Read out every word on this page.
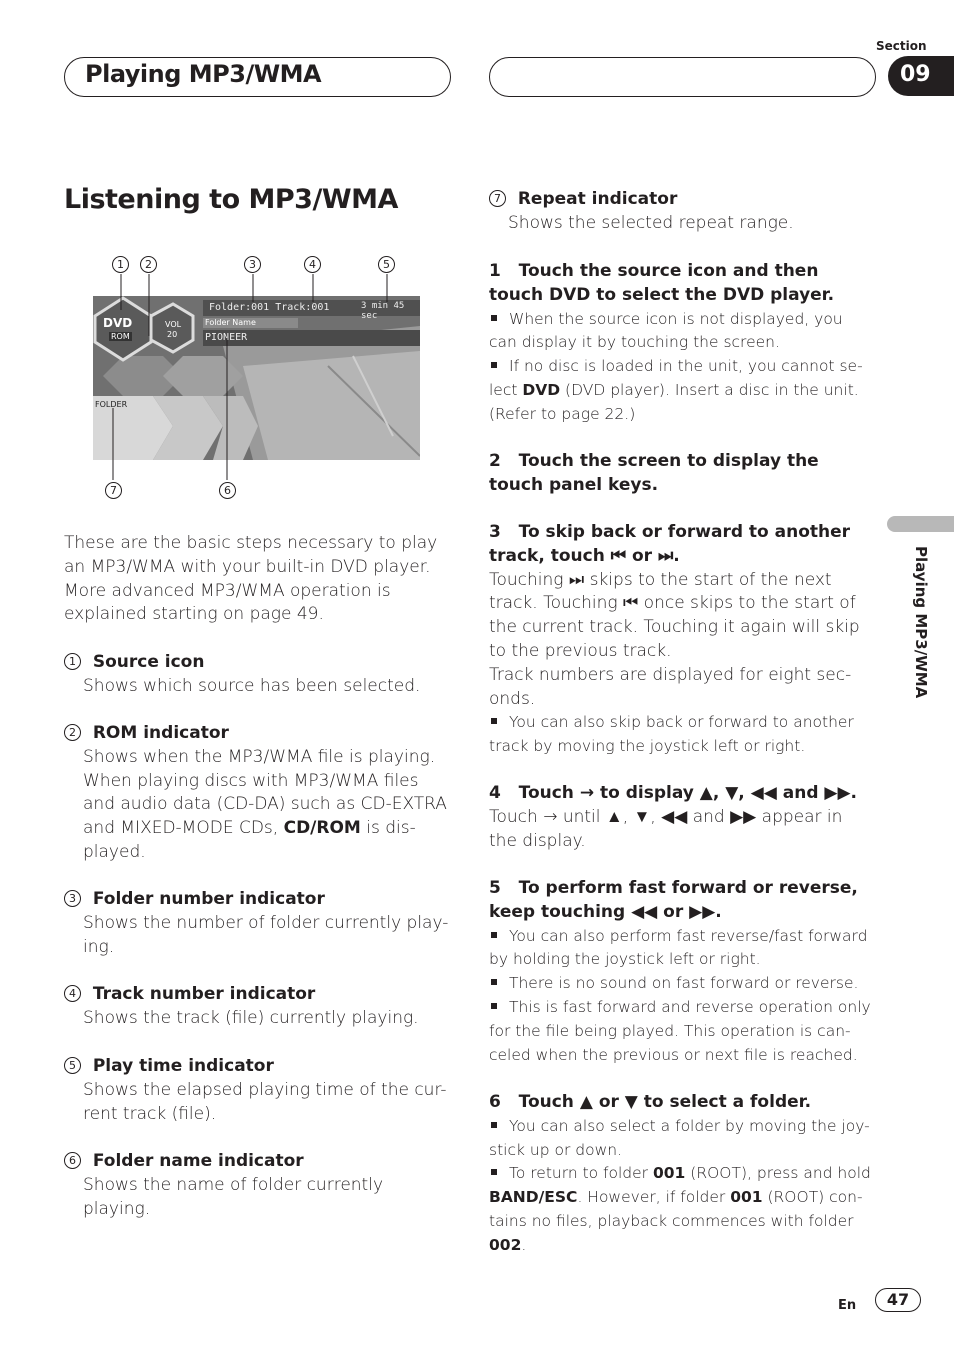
Playing MP3/WMA
Section
09
Listening to MP3/WMA
1	2	3	4	5
Folder:001 Track:001	3 min 45 sec
Folder Name
PIONEER
DVD
ROM
VOL
20
FOLDER
7	6
These are the basic steps necessary to play an MP3/WMA with your built-in DVD player. More advanced MP3/WMA operation is explained starting on page 49.
1 Source icon
Shows which source has been selected.
2 ROM indicator
Shows when the MP3/WMA file is playing. When playing discs with MP3/WMA files and audio data (CD-DA) such as CD-EXTRA and MIXED-MODE CDs, CD/ROM is dis-played.
3 Folder number indicator
Shows the number of folder currently play-ing.
4 Track number indicator
Shows the track (file) currently playing.
5 Play time indicator
Shows the elapsed playing time of the cur-rent track (file).
6 Folder name indicator
Shows the name of folder currently playing.
7 Repeat indicator
Shows the selected repeat range.
1 Touch the source icon and then touch DVD to select the DVD player.
When the source icon is not displayed, you can display it by touching the screen.
If no disc is loaded in the unit, you cannot se-lect DVD (DVD player). Insert a disc in the unit. (Refer to page 22.)
2 Touch the screen to display the touch panel keys.
3 To skip back or forward to another track, touch ⏮ or ⏭.
Touching ⏭ skips to the start of the next track. Touching ⏮ once skips to the start of the current track. Touching it again will skip to the previous track.
Track numbers are displayed for eight sec-onds.
You can also skip back or forward to another track by moving the joystick left or right.
4 Touch → to display ▲, ▼, ◀◀ and ▶▶.
Touch → until ▲, ▼, ◀◀ and ▶▶ appear in the display.
5 To perform fast forward or reverse, keep touching ◀◀ or ▶▶.
You can also perform fast reverse/fast forward by holding the joystick left or right.
There is no sound on fast forward or reverse.
This is fast forward and reverse operation only for the file being played. This operation is can-celed when the previous or next file is reached.
6 Touch ▲ or ▼ to select a folder.
You can also select a folder by moving the joy-stick up or down.
To return to folder 001 (ROOT), press and hold BAND/ESC. However, if folder 001 (ROOT) con-tains no files, playback commences with folder 002.
Playing MP3/WMA
En	47
